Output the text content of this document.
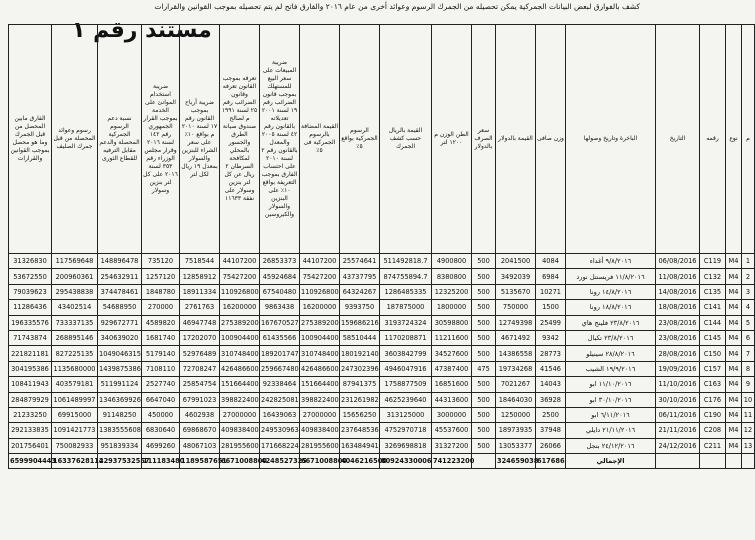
كشف بالفوارق لبعض البيانات الجمركية يمكن تحصيله من الجمرك الرسوم وعوائد أخرى من عام ٢٠١٦ والفارق فاتح لم يتم تحصيله بموجب القوانين والقرارات
مستند رقم ١
م	نوع	رقمه	التاريخ	الباخرة وتاريخ وصولها	وزن صافى	القيمة بالدولار	سعر الصرف بالدولار	الطن الوزن م ١٢٠٠ لتر	القيمة بالريال حسب كشف الجمرك	الرسوم الجمركية بواقع ٥٪	القيمة المضافة بالرسوم الجمركية فى ٥٪	ضريبة المبيعات على سعر البيع للمستهلك بموجب قانون الضرائب رقم ١٩ لسنة ٢٠٠١ تعديلاته بالقانون رقم ٤٢ لسنة ٢٠٠٥ والمعدل بالقانون رقم ٢ لسنة ٢٠١٠ على احتساب الفارق بموجب التعريفة بواقع ١٠٪ على البنزين والسولار والكيروسين	تعرفه بموجب القانون تعرفه وقانون الضرائب رقم ٢٥ لسنة ١٩٩١ م لصالح صندوق صيانة الطرق والجسور بالمحلي لمكافحة السرطان ٢ ريال عن كل لتر بنزين وسولار على نفقة ١١٦٣٣	ضريبة أرباح بموجب القانون رقم ١٧ لسنة ٢٠١٠ م بواقع ١٠٪ على سعر الشراء للبنزين والسولار بمعدل ١٩ ريال لكل لتر	ضريبة استخدام الموانئ على الخدمة بموجب القرار الجمهوري رقم ١٤٢ لسنة ٢٠١٦ وقرار مجلس الوزراء رقم ٣٥٣ لسنة ٢٠١٦ على كل لتر بنزين وسولار	نسبة دعم الرسوم الجمركية المحصلة والدعم مقابل الترفيه للقطاع الثورى	رسوم وعوائد المحصلة من قبل جمرك الصليف	الفارق مابين المحصل من قبل الجمرك وما هو محصل بموجب القوانين والقرارات
1	M4	C119	06/08/2016	٩/٨/٢٠١٦ أغداء	4084	2041500	500	4900800	511492818.7	25574641	44107200	26853373	44107200	7518544	735120	148896478	117569648	31326830
2	M4	C132	11/08/2016	١١/٨/٢٠١٦ فريسنتل نورد	6984	3492039	500	8380800	874755894.7	43737795	75427200	45924684	75427200	12858912	1257120	254632911	200960361	53672550
3	M4	C135	14/08/2016	١٤/٨/٢٠١٦ رونا	10271	5135670	500	12325200	1286485335	64324267	110926800	67540480	110926800	18911334	1848780	374478461	295438838	79039623
4	M4	C141	18/08/2016	١٨/٨/٢٠١٦ رونا	1500	750000	500	1800000	187875000	9393750	16200000	9863438	16200000	2761763	270000	54688950	43402514	11286436
5	M4	C144	23/08/2016	٢٣/٨/٢٠١٦ فلينج هاي	25499	12749398	500	30598800	3193724324	159686216	275389200	167670527	275389200	46947748	4589820	929672771	733337135	196335576
6	M4	C145	23/08/2016	٢٣/٨/٢٠١٦ تكبال	9342	4671492	500	11211600	1170208871	58510444	100904400	61435566	100904400	17202070	1681740	340639020	268895146	71743874
7	M4	C150	28/08/2016	٢٨/٨/٢٠١٦ سينيلو	28773	14386558	500	34527600	3603842799	180192140	310748400	189201747	310748400	52976489	5179140	1049046315	827225135	221821181
8	M4	C157	19/09/2016	١٩/٩/٢٠١٦ الشيب	41546	19734268	475	47387400	4946047916	247302396	426486600	259667480	426486600	72708247	7108110	1439875386	1135680000	304195386
9	M4	C163	11/10/2016	١١/١٠/٢٠١٦ ابو	14043	7021267	500	16851600	1758877509	87941375	151664400	92338464	151664400	25854754	2527740	511991124	403579181	108411943
10	M4	C176	30/10/2016	٣٠/١٠/٢٠١٦ ابو	36928	18464030	500	44313600	4625239640	231261982	398822400	242825081	398822400	67991023	6647040	1346369926	1061489997	284879929
11	M4	C190	06/11/2016	٦/١١/٢٠١٦ ابو	2500	1250000	500	3000000	313125000	15656250	27000000	16439063	27000000	4602938	450000	91148250	69915000	21233250
12	M4	C208	21/11/2016	٢١/١١/٢٠١٦ دايلي	37948	18973935	500	45537600	4752970718	237648536	409838400	249530963	409838400	69868670	6830640	1383555608	1091421773	292133835
13	M4	C211	24/12/2016	٢٤/١٢/٢٠١٦ بنجل	26066	13053377	500	31327200	3269698818	163484941	281955600	171668224	281955600	48067103	4699260	951839334	750082933	201756401
				الإجمالي	617686	324659038		741223200	80924330006	4046216500	6671008800	4248527325	6671008800	1189587651	111183480	22937532557	16337628114	6599904443
